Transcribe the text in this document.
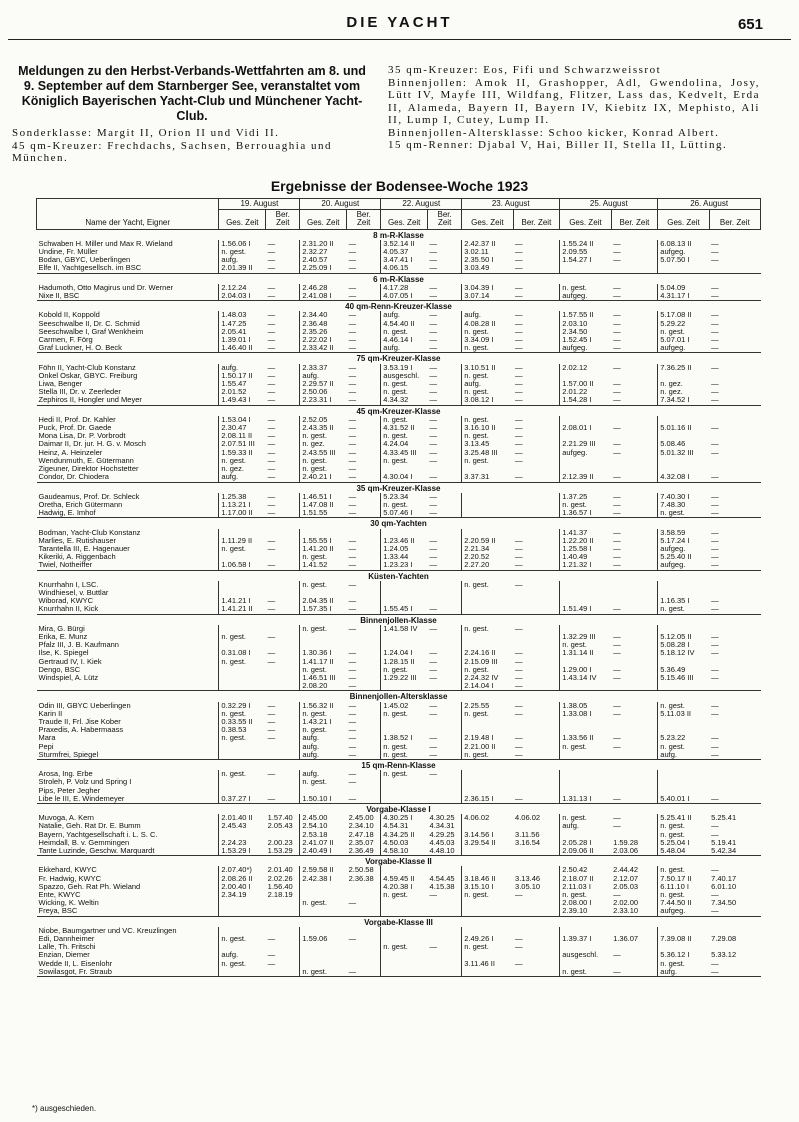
DIE YACHT	651
Meldungen zu den Herbst-Verbands-Wettfahrten am 8. und 9. September auf dem Starnberger See, veranstaltet vom Königlich Bayerischen Yacht-Club und Münchener Yacht-Club.
Sonderklasse: Margit II, Orion II und Vidi II.
45 qm-Kreuzer: Frechdachs, Sachsen, Berrouaghia und München.
35 qm-Kreuzer: Eos, Fifi und Schwarzweissrot
Binnenjollen: Amok II, Grashopper, Adl, Gwendolina, Josy, Lütt IV, Mayfe III, Wildfang, Flitzer, Lass das, Kedvelt, Erda II, Alameda, Bayern II, Bayern IV, Kiebitz IX, Mephisto, Ali II, Lump I, Cutey, Lump II.
Binnenjollen-Altersklasse: Schoo kicker, Konrad Albert.
15 qm-Renner: Djabal V, Hai, Biller II, Stella II, Lütting.
Ergebnisse der Bodensee-Woche 1923
Name der Yacht, Eigner	19. August		20. August		22. August		23. August		25. August		26. August	
	Ges. Zeit	Ber. Zeit	Ges. Zeit	Ber. Zeit	Ges. Zeit	Ber. Zeit	Ges. Zeit	Ber. Zeit	Ges. Zeit	Ber. Zeit	Ges. Zeit	Ber. Zeit
8 m-R-Klasse												
Schwaben H. Miller und Max R. Wieland	1.56.06 I	—	2.31.20 II	—	3.52.14 II	—	2.42.37 II	—	1.55.24 II	—	6.08.13 II	—
Undine, Fr. Müller	n. gest.	—	2.32.27	—	4.05.37	—	3.02.11	—	2.09.55	—	aufgeg.	—
Bodan, GBYC, Ueberlingen	aufg.	—	2.40.57	—	3.47.41 I	—	2.35.50 I	—	1.54.27 I	—	5.07.50 I	—
Elfe II, Yachtgesellsch. im BSC	2.01.39 II	—	2.25.09 I	—	4.06.15	—	3.03.49	—				
6 m-R-Klasse												
Hadumoth, Otto Magirus und Dr. Werner	2.12.24	—	2.46.28	—	4.17.28	—	3.04.39 I	—	n. gest.	—	5.04.09	—
Nixe II, BSC	2.04.03 I	—	2.41.08 I	—	4.07.05 I	—	3.07.14	—	aufgeg.	—	4.31.17 I	—
40 qm-Renn-Kreuzer-Klasse												
Kobold II, Koppold	1.48.03	—	2.34.40	—	aufg.	—	aufg.	—	1.57.55 II	—	5.17.08 II	—
Seeschwalbe II, Dr. C. Schmid	1.47.25	—	2.36.48	—	4.54.40 II	—	4.08.28 II	—	2.03.10	—	5.29.22	—
Seeschwalbe I, Graf Wenkheim	2.05.41	—	2.35.26	—	n. gest.	—	n. gest.	—	2.34.50	—	n. gest.	—
Carmen, F. Förg	1.39.01 I	—	2.22.02 I	—	4.46.14 I	—	3.34.09 I	—	1.52.45 I	—	5.07.01 I	—
Graf Luckner, H. O. Beck	1.46.40 II	—	2.33.42 II	—	aufg.	—	n. gest.	—	aufgeg.	—	aufgeg.	—
75 qm-Kreuzer-Klasse												
Föhn II, Yacht-Club Konstanz	aufg.	—	2.33.37	—	3.53.19 I	—	3.10.51 II	—	2.02.12	—	7.36.25 II	—
Onkel Oskar, GBYC. Freiburg	1.50.17 II	—	aufg.	—	ausgeschl.	—	n. gest.	—				
Liwa, Benger	1.55.47	—	2.29.57 II	—	n. gest.	—	aufg.	—	1.57.00 II	—	n. gez.	—
Stella III, Dr. v. Zeerleder	2.01.52	—	2.50.06	—	n. gest.	—	n. gest.	—	2.01.22	—	n. gez.	—
Zephiros II, Hongler und Meyer	1.49.43 I	—	2.23.31 I	—	4.34.32	—	3.08.12 I	—	1.54.28 I	—	7.34.52 I	—
45 qm-Kreuzer-Klasse												
Hedi II, Prof. Dr. Kahler	1.53.04 I	—	2.52.05	—	n. gest.	—	n. gest.	—				
Puck, Prof. Dr. Gaede	2.30.47	—	2.43.35 II	—	4.31.52 II	—	3.16.10 II	—	2.08.01 I	—	5.01.16 II	—
Mona Lisa, Dr. P. Vorbrodt	2.08.11 II	—	n. gest.	—	n. gest.	—	n. gest.	—				
Daimar II, Dr. jur. H. G. v. Mosch	2.07.51 III	—	n. gez.	—	4.24.04	—	3.13.45	—	2.21.29 III	—	5.08.46	—
Heinz, A. Heinzeler	1.59.33 II	—	2.43.55 III	—	4.33.45 III	—	3.25.48 III	—	aufgeg.	—	5.01.32 III	—
Wendunmuth, E. Gütermann	n. gest.	—	n. gest.	—	n. gest.	—	n. gest.	—				
Zigeuner, Direktor Hochstetter	n. gez.	—	n. gest.	—								
Condor, Dr. Chiodera	aufg.	—	2.40.21 I	—	4.30.04 I	—	3.37.31	—	2.12.39 II	—	4.32.08 I	—
35 qm-Kreuzer-Klasse												
Gaudeamus, Prof. Dr. Schleck	1.25.38	—	1.46.51 I	—	5.23.34	—			1.37.25	—	7.40.30 I	—
Oretha, Erich Gütermann	1.13.21 I	—	1.47.08 II	—	n. gest.	—			n. gest.	—	7.48.30	—
Hadwig, E. Imhof	1.17.00 II	—	1.51.55	—	5.07.46 I	—			1.36.57 I	—	n. gest.	—
30 qm-Yachten												
Bodman, Yacht-Club Konstanz									1.41.37	—	3.58.59	—
Marlies, E. Rutishauser	1.11.29 II	—	1.55.55 I	—	1.23.46 II	—	2.20.59 II	—	1.22.20 II	—	5.17.24 I	—
Tarantella III, E. Hagenauer	n. gest.	—	1.41.20 II	—	1.24.05	—	2.21.34	—	1.25.58 I	—	aufgeg.	—
Kikeriki, A. Riggenbach			n. gest.	—	1.33.44	—	2.20.52	—	1.40.49	—	5.25.40 II	—
Twiel, Notheiffer	1.06.58 I	—	1.41.52	—	1.23.23 I	—	2.27.20	—	1.21.32 I	—	aufgeg.	—
Küsten-Yachten												
Knurrhahn I, LSC.			n. gest.	—			n. gest.	—				
Windhiesel, v. Buttlar												
Wiborad, KWYC	1.41.21 I	—	2.04.35 II	—							1.16.35 I	—
Knurrhahn II, Kick	1.41.21 II	—	1.57.35 I	—	1.55.45 I	—			1.51.49 I	—	n. gest.	—
Binnenjollen-Klasse												
Mira, G. Bürgi			n. gest.	—	1.41.58 IV	—	n. gest.	—				
Erika, E. Munz	n. gest.	—							1.32.29 III	—	5.12.05 II	—
Pfalz III, J. B. Kaufmann									n. gest.	—	5.08.28 I	—
Ilse, K. Spiegel	0.31.08 I	—	1.30.36 I	—	1.24.04 I	—	2.24.16 II	—	1.31.14 II	—	5.18.12 IV	—
Gertraud IV, I. Kiek	n. gest.	—	1.41.17 II	—	1.28.15 II	—	2.15.09 III	—				
Dengo, BSC			n. gest.	—	n. gest.	—	n. gest.	—	1.29.00 I	—	5.36.49	—
Windspiel, A. Lütz			1.46.51 III	—	1.29.22 III	—	2.24.32 IV	—	1.43.14 IV	—	5.15.46 III	—
			2.08.20	—			2.14.04 I	—				
Binnenjollen-Altersklasse												
Odin III, GBYC Ueberlingen	0.32.29 I	—	1.56.32 II	—	1.45.02	—	2.25.55	—	1.38.05	—	n. gest.	—
Karin II	n. gest.	—	n. gest.	—	n. gest.	—	n. gest.	—	1.33.08 I	—	5.11.03 II	—
Traude II, Frl. Jise Kober	0.33.55 II	—	1.43.21 I	—								
Praxedis, A. Habermaass	0.38.53	—	n. gest.	—								
Mara	n. gest.	—	aufg.	—	1.38.52 I	—	2.19.48 I	—	1.33.56 II	—	5.23.22	—
Pepi			aufg.	—	n. gest.	—	2.21.00 II	—	n. gest.	—	n. gest.	—
Sturmfrei, Spiegel			aufg.	—	n. gest.	—	n. gest.	—			aufg.	—
15 qm-Renn-Klasse												
Arosa, Ing. Erbe	n. gest.	—	aufg.	—	n. gest.	—						
Stroleh, P. Volz und Spring I			n. gest.	—								
Pips, Peter Jegher												
Libe le III, E. Windemeyer	0.37.27 I	—	1.50.10 I	—			2.36.15 I	—	1.31.13 I	—	5.40.01 I	—
Vorgabe-Klasse I												
Muvoga, A. Kern	2.01.40 II	1.57.40	2.45.00	2.45.00	4.30.25 I	4.30.25	4.06.02	4.06.02	n. gest.	—	5.25.41 II	5.25.41
Natalie, Geh. Rat Dr. E. Bumm	2.45.43	2.05.43	2.54.10	2.34.10	4.54.31	4.34.31			aufg.	—	n. gest.	—
Bayern, Yachtgesellschaft i. L. S. C.			2.53.18	2.47.18	4.34.25 II	4.29.25	3.14.56 I	3.11.56			n. gest.	—
Heimdall, B. v. Gemmingen	2.24.23	2.00.23	2.41.07 II	2.35.07	4.50.03	4.45.03	3.29.54 II	3.16.54	2.05.28 I	1.59.28	5.25.04 I	5.19.41
Tante Luzinde, Geschw. Marquardt	1.53.29 I	1.53.29	2.40.49 I	2.36.49	4.58.10	4.48.10			2.09.06 II	2.03.06	5.48.04	5.42.34
Vorgabe-Klasse II												
Ekkehard, KWYC	2.07.40*)	2.01.40	2.59.58 II	2.50.58					2.50.42	2.44.42	n. gest.	—
Fr. Hadwig, KWYC	2.08.26 II	2.02.26	2.42.38 I	2.36.38	4.59.45 II	4.54.45	3.18.46 II	3.13.46	2.18.07 II	2.12.07	7.50.17 II	7.40.17
Spazzo, Geh. Rat Ph. Wieland	2.00.40 I	1.56.40			4.20.38 I	4.15.38	3.15.10 I	3.05.10	2.11.03 I	2.05.03	6.11.10 I	6.01.10
Ente, KWYC	2.34.19	2.18.19			n. gest.	—	n. gest.	—	n. gest.	—	n. gest.	—
Wicking, K. Weltin			n. gest.	—					2.08.00 I	2.02.00	7.44.50 II	7.34.50
Freya, BSC									2.39.10	2.33.10	aufgeg.	—
Vorgabe-Klasse III												
Niobe, Baumgartner und VC. Kreuzlingen												
Edi, Dannheimer	n. gest.	—	1.59.06	—			2.49.26 I	—	1.39.37 I	1.36.07	7.39.08 II	7.29.08
Lalle, Th. Fritschi					n. gest.	—	n. gest.	—				
Enzian, Diemer	aufg.	—							ausgeschl.	—	5.36.12 I	5.33.12
Wedde II, L. Eisenlohr	n. gest.	—					3.11.46 II	—			n. gest.	—
Sowilasgot, Fr. Straub			n. gest.	—					n. gest.	—	aufg.	—
*) ausgeschieden.
